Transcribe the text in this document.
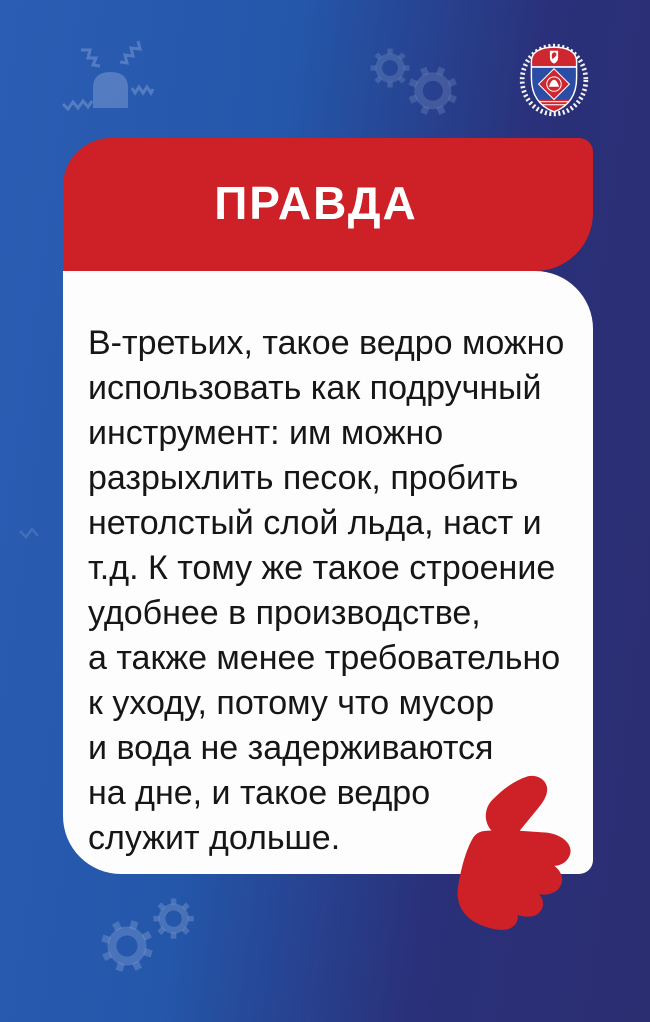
ПРАВДА
В-третьих, такое ведро можно
использовать как подручный
инструмент: им можно
разрыхлить песок, пробить
нетолстый слой льда, наст и
т.д. К тому же такое строение
удобнее в производстве,
а также менее требовательно
к уходу, потому что мусор
и вода не задерживаются
на дне, и такое ведро
служит дольше.
